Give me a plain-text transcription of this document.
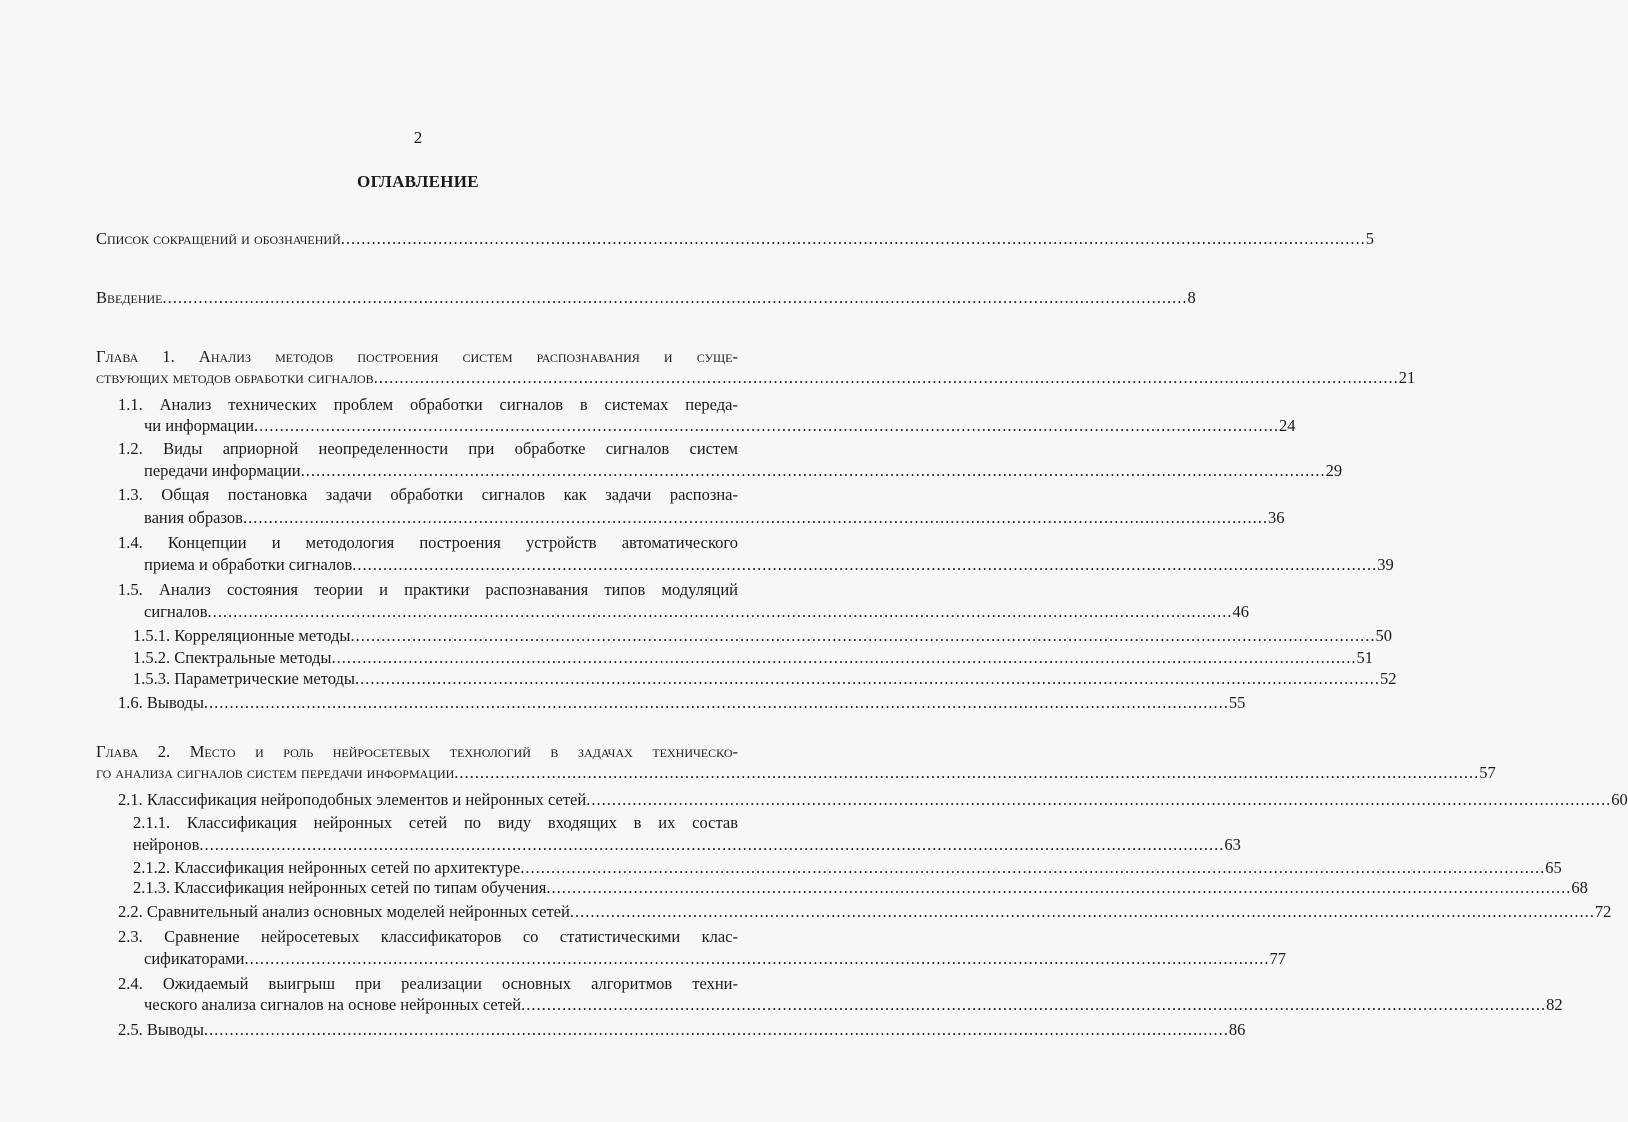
2
ОГЛАВЛЕНИЕ
Список сокращений и обозначений ........................................................................................................................................................................................................ 5
Введение ........................................................................................................................................................................................................ 8
Глава 1. Анализ методов построения систем распознавания и суще-
ствующих методов обработки сигналов ........................................................................................................................................................................................................ 21
1.1. Анализ технических проблем обработки сигналов в системах переда-
чи информации ........................................................................................................................................................................................................ 24
1.2. Виды априорной неопределенности при обработке сигналов систем
передачи информации ........................................................................................................................................................................................................ 29
1.3. Общая постановка задачи обработки сигналов как задачи распозна-
вания образов ........................................................................................................................................................................................................ 36
1.4. Концепции и методология построения устройств автоматического
приема и обработки сигналов ........................................................................................................................................................................................................ 39
1.5. Анализ состояния теории и практики распознавания типов модуляций
сигналов ........................................................................................................................................................................................................ 46
1.5.1. Корреляционные методы ........................................................................................................................................................................................................ 50
1.5.2. Спектральные методы ........................................................................................................................................................................................................ 51
1.5.3. Параметрические методы ........................................................................................................................................................................................................ 52
1.6. Выводы ........................................................................................................................................................................................................ 55
Глава 2. Место и роль нейросетевых технологий в задачах техническо-
го анализа сигналов систем передачи информации ........................................................................................................................................................................................................ 57
2.1. Классификация нейроподобных элементов и нейронных сетей ........................................................................................................................................................................................................ 60
2.1.1. Классификация нейронных сетей по виду входящих в их состав
нейронов ........................................................................................................................................................................................................ 63
2.1.2. Классификация нейронных сетей по архитектуре ........................................................................................................................................................................................................ 65
2.1.3. Классификация нейронных сетей по типам обучения ........................................................................................................................................................................................................ 68
2.2. Сравнительный анализ основных моделей нейронных сетей ........................................................................................................................................................................................................ 72
2.3. Сравнение нейросетевых классификаторов со статистическими клас-
сификаторами ........................................................................................................................................................................................................ 77
2.4. Ожидаемый выигрыш при реализации основных алгоритмов техни-
ческого анализа сигналов на основе нейронных сетей ........................................................................................................................................................................................................ 82
2.5. Выводы ........................................................................................................................................................................................................ 86
